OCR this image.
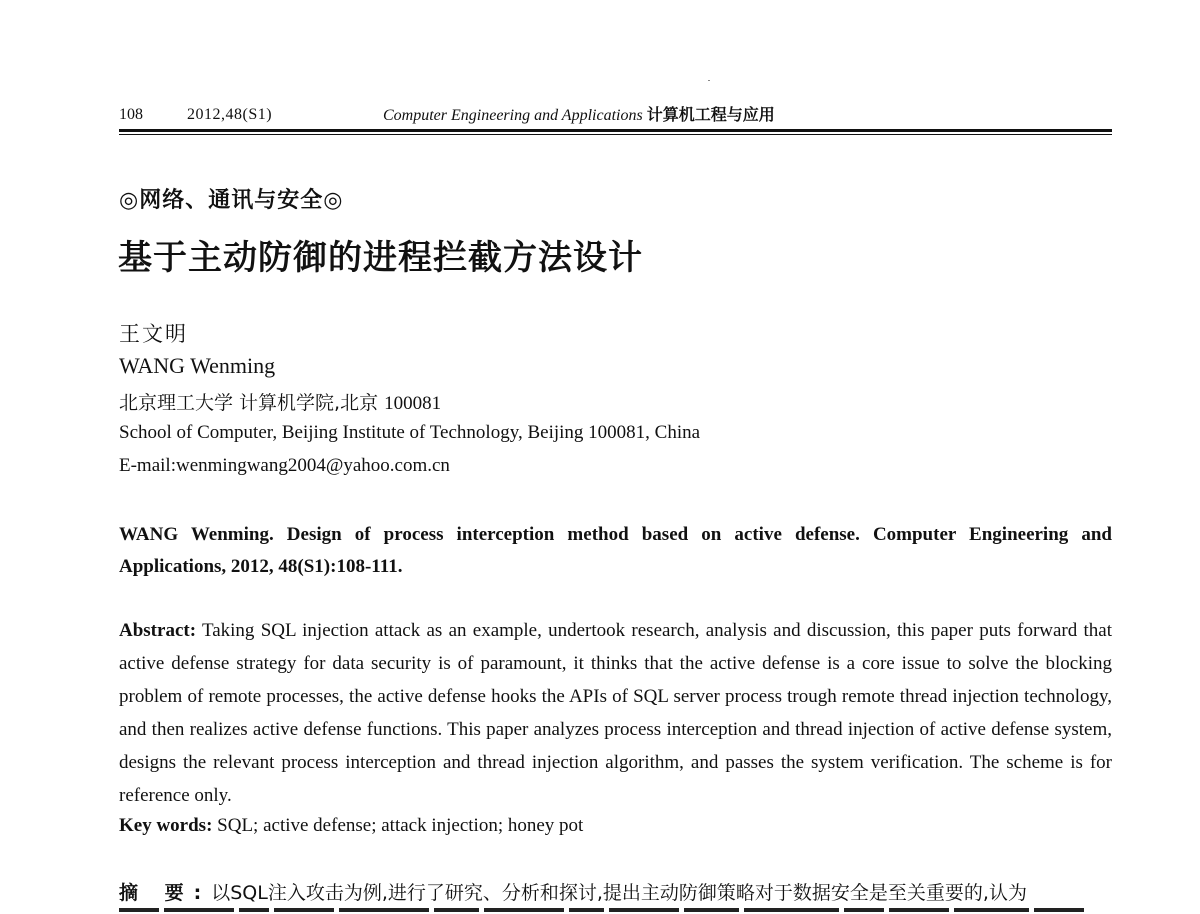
108	2012,48(S1)	Computer Engineering and Applications 计算机工程与应用
◎网络、通讯与安全◎
基于主动防御的进程拦截方法设计
王文明
WANG Wenming
北京理工大学 计算机学院,北京 100081
School of Computer, Beijing Institute of Technology, Beijing 100081, China
E-mail:wenmingwang2004@yahoo.com.cn
WANG Wenming. Design of process interception method based on active defense. Computer Engineering and Applications, 2012, 48(S1):108-111.
Abstract: Taking SQL injection attack as an example, undertook research, analysis and discussion, this paper puts forward that active defense strategy for data security is of paramount, it thinks that the active defense is a core issue to solve the blocking problem of remote processes, the active defense hooks the APIs of SQL server process trough remote thread injection technology, and then realizes active defense functions. This paper analyzes process interception and thread injection of active defense system, designs the relevant process interception and thread injection algorithm, and passes the system verification. The scheme is for reference only.
Key words: SQL; active defense; attack injection; honey pot
摘 要:以SQL注入攻击为例,进行了研究、分析和探讨,提出主动防御策略对于数据安全是至关重要的,认为
